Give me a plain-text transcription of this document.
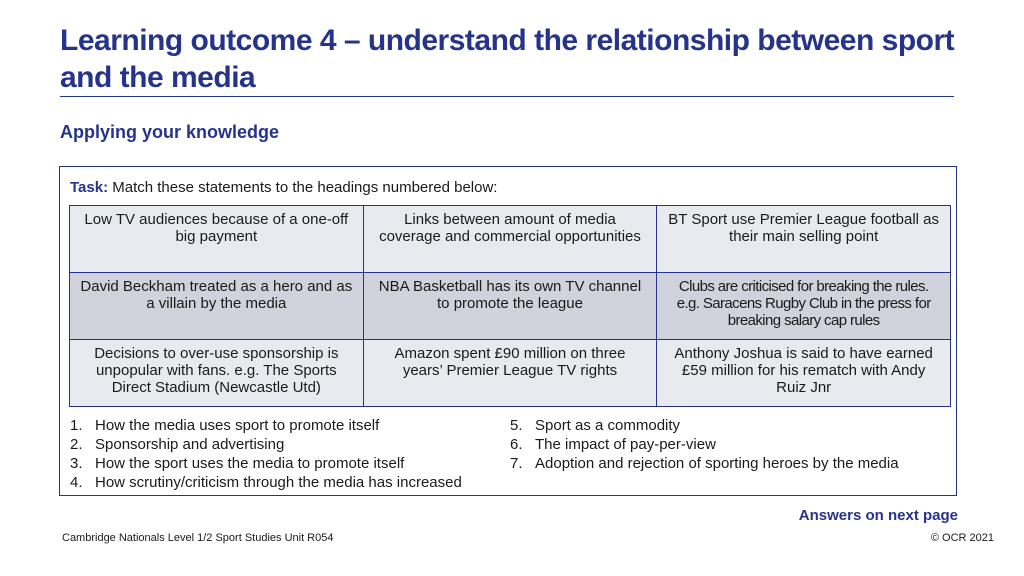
Learning outcome 4 – understand the relationship between sport and the media
Applying your knowledge
Task: Match these statements to the headings numbered below:
Low TV audiences because of a one-off big payment	Links between amount of media coverage and commercial opportunities	BT Sport use Premier League football as their main selling point
David Beckham treated as a hero and as a villain by the media	NBA Basketball has its own TV channel to promote the league	Clubs are criticised for breaking the rules. e.g. Saracens Rugby Club in the press for breaking salary cap rules
Decisions to over-use sponsorship is unpopular with fans. e.g. The Sports Direct Stadium (Newcastle Utd)	Amazon spent £90 million on three years’ Premier League TV rights	Anthony Joshua is said to have earned £59 million for his rematch with Andy Ruiz Jnr
1. How the media uses sport to promote itself
2. Sponsorship and advertising
3. How the sport uses the media to promote itself
4. How scrutiny/criticism through the media has increased
5. Sport as a commodity
6. The impact of pay-per-view
7. Adoption and rejection of sporting heroes by the media
Answers on next page
Cambridge Nationals Level 1/2 Sport Studies Unit R054	© OCR 2021
